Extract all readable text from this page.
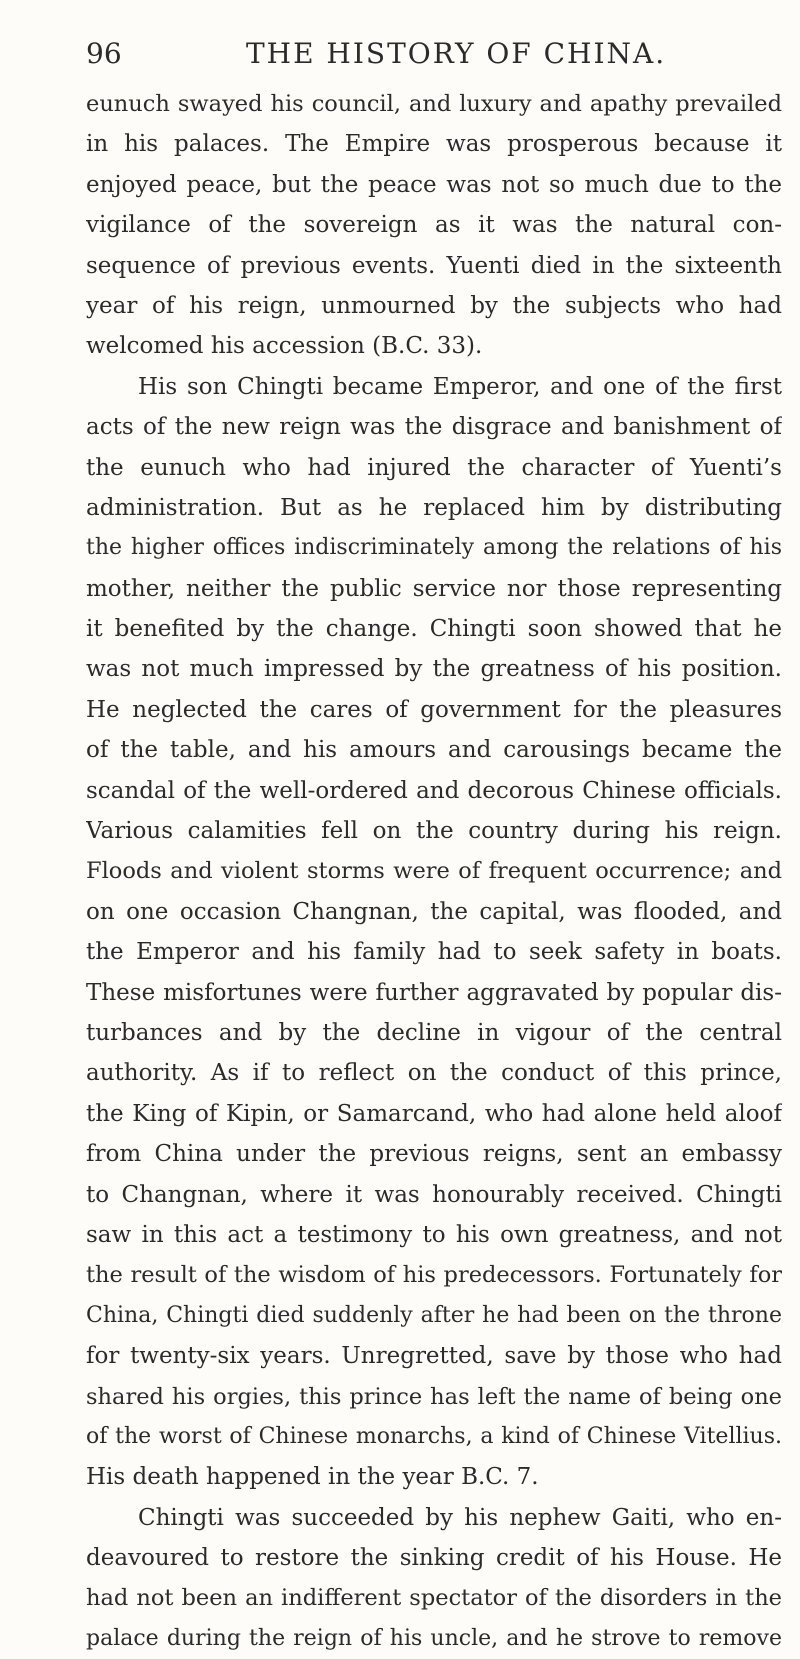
96	THE HISTORY OF CHINA.
eunuch swayed his council, and luxury and apathy prevailed
in his palaces. The Empire was prosperous because it
enjoyed peace, but the peace was not so much due to the
vigilance of the sovereign as it was the natural con-
sequence of previous events. Yuenti died in the sixteenth
year of his reign, unmourned by the subjects who had
welcomed his accession (B.C. 33).
His son Chingti became Emperor, and one of the first
acts of the new reign was the disgrace and banishment of
the eunuch who had injured the character of Yuenti’s
administration. But as he replaced him by distributing
the higher offices indiscriminately among the relations of his
mother, neither the public service nor those representing
it benefited by the change. Chingti soon showed that he
was not much impressed by the greatness of his position.
He neglected the cares of government for the pleasures
of the table, and his amours and carousings became the
scandal of the well-ordered and decorous Chinese officials.
Various calamities fell on the country during his reign.
Floods and violent storms were of frequent occurrence; and
on one occasion Changnan, the capital, was flooded, and
the Emperor and his family had to seek safety in boats.
These misfortunes were further aggravated by popular dis-
turbances and by the decline in vigour of the central
authority. As if to reflect on the conduct of this prince,
the King of Kipin, or Samarcand, who had alone held aloof
from China under the previous reigns, sent an embassy
to Changnan, where it was honourably received. Chingti
saw in this act a testimony to his own greatness, and not
the result of the wisdom of his predecessors. Fortunately for
China, Chingti died suddenly after he had been on the throne
for twenty-six years. Unregretted, save by those who had
shared his orgies, this prince has left the name of being one
of the worst of Chinese monarchs, a kind of Chinese Vitellius.
His death happened in the year B.C. 7.
Chingti was succeeded by his nephew Gaiti, who en-
deavoured to restore the sinking credit of his House. He
had not been an indifferent spectator of the disorders in the
palace during the reign of his uncle, and he strove to remove
